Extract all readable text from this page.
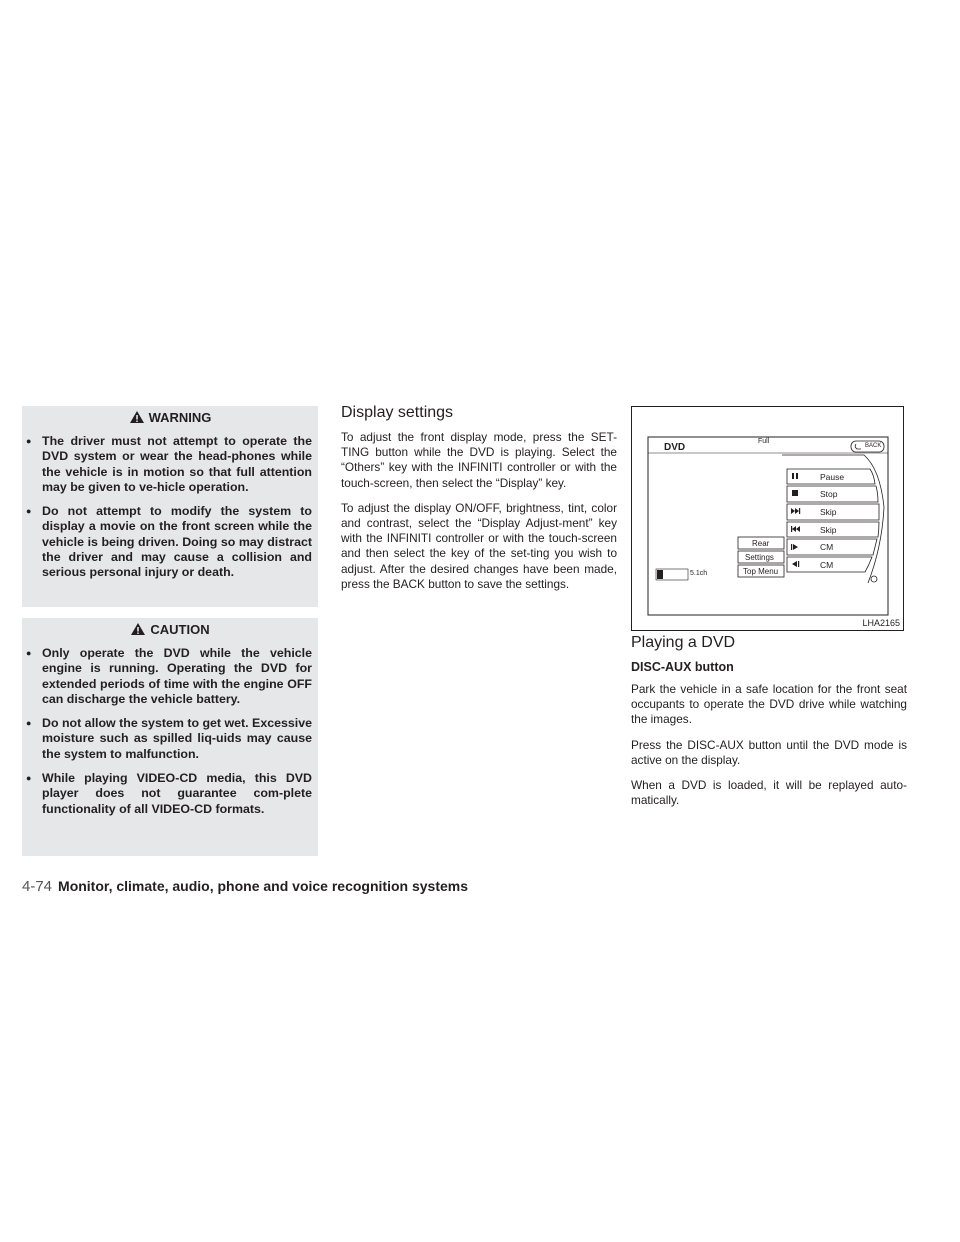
WARNING
● The driver must not attempt to operate the DVD system or wear the head-phones while the vehicle is in motion so that full attention may be given to ve-hicle operation.
● Do not attempt to modify the system to display a movie on the front screen while the vehicle is being driven. Doing so may distract the driver and may cause a collision and serious personal injury or death.
CAUTION
● Only operate the DVD while the vehicle engine is running. Operating the DVD for extended periods of time with the engine OFF can discharge the vehicle battery.
● Do not allow the system to get wet. Excessive moisture such as spilled liq-uids may cause the system to malfunction.
● While playing VIDEO-CD media, this DVD player does not guarantee com-plete functionality of all VIDEO-CD formats.
Display settings

To adjust the front display mode, press the SET-TING button while the DVD is playing. Select the “Others” key with the INFINITI controller or with the touch-screen, then select the “Display” key.

To adjust the display ON/OFF, brightness, tint, color and contrast, select the “Display Adjust-ment” key with the INFINITI controller or with the touch-screen and then select the key of the set-ting you wish to adjust. After the desired changes have been made, press the BACK button to save the settings.

DVD
Full
BACK
Pause
Stop
Skip
Skip
CM
CM
Rear
Settings
Top Menu
5.1ch
LHA2165
Playing a DVD
DISC-AUX button

Park the vehicle in a safe location for the front seat occupants to operate the DVD drive while watching the images.

Press the DISC-AUX button until the DVD mode is active on the display.

When a DVD is loaded, it will be replayed auto-matically.

4-74 Monitor, climate, audio, phone and voice recognition systems
